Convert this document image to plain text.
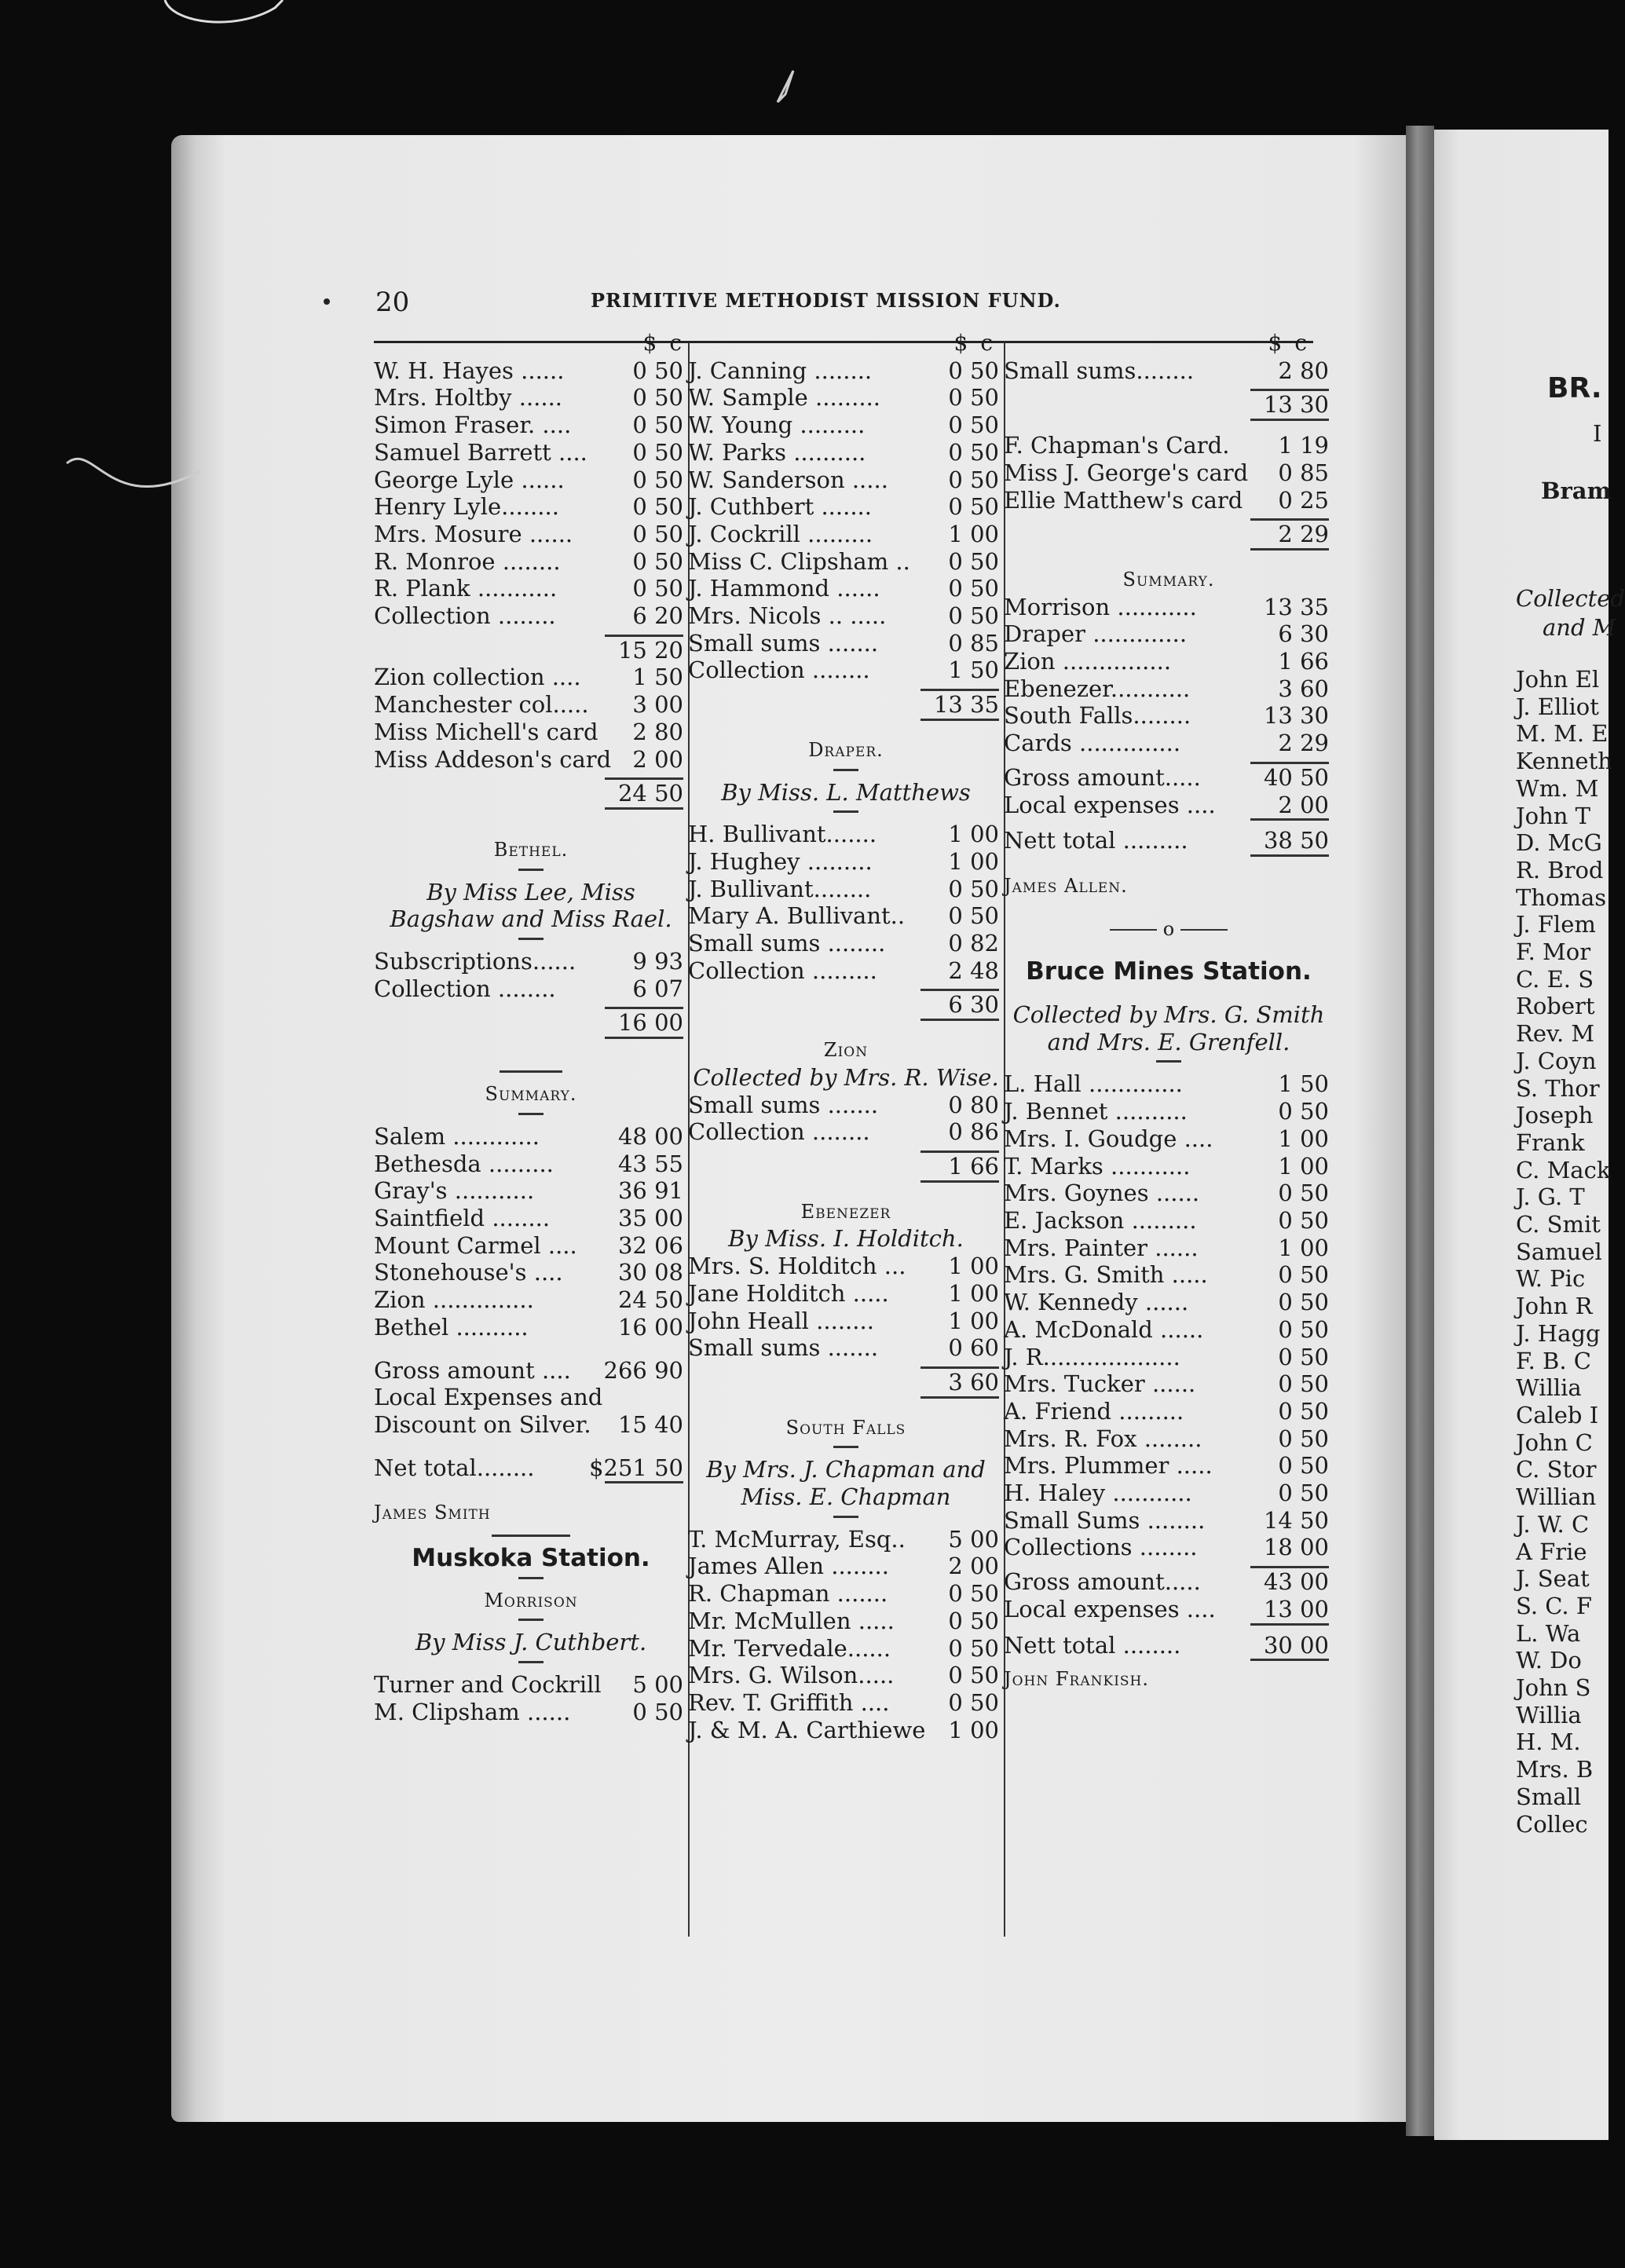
20	PRIMITIVE METHODIST MISSION FUND.
$ c
W. H. Hayes ......	0 50
Mrs. Holtby ......	0 50
Simon Fraser. ....	0 50
Samuel Barrett ....	0 50
George Lyle ......	0 50
Henry Lyle........	0 50
Mrs. Mosure ......	0 50
R. Monroe ........	0 50
R. Plank ...........	0 50
Collection ........	6 20
15 20
Zion collection ....	1 50
Manchester col.....	3 00
Miss Michell's card	2 80
Miss Addeson's card 2 00
24 50
Bethel.
By Miss Lee, Miss Bagshaw and Miss Rael.
Subscriptions......	9 93
Collection ........	6 07
16 00
Summary.
Salem ............	48 00
Bethesda .........	43 55
Gray's ...........	36 91
Saintfield ........	35 00
Mount Carmel ....	32 06
Stonehouse's ....	30 08
Zion ..............	24 50
Bethel ..........	16 00
Gross amount ....	266 90
Local Expenses and
Discount on Silver.	15 40
Net total........	$251 50
James Smith
Muskoka Station.
Morrison
By Miss J. Cuthbert.
Turner and Cockrill	5 00
M. Clipsham ......	0 50
$ c
J. Canning ........	0 50
W. Sample .........	0 50
W. Young .........	0 50
W. Parks ..........	0 50
W. Sanderson .....	0 50
J. Cuthbert .......	0 50
J. Cockrill .........	1 00
Miss C. Clipsham ..	0 50
J. Hammond ......	0 50
Mrs. Nicols .. .....	0 50
Small sums .......	0 85
Collection ........	1 50
13 35
Draper.
By Miss. L. Matthews
H. Bullivant.......	1 00
J. Hughey .........	1 00
J. Bullivant........	0 50
Mary A. Bullivant..	0 50
Small sums ........	0 82
Collection .........	2 48
6 30
Zion
Collected by Mrs. R. Wise.
Small sums .......	0 80
Collection ........	0 86
1 66
Ebenezer
By Miss. I. Holditch.
Mrs. S. Holditch ...	1 00
Jane Holditch .....	1 00
John Heall ........	1 00
Small sums .......	0 60
3 60
South Falls
By Mrs. J. Chapman and Miss. E. Chapman
T. McMurray, Esq..	5 00
James Allen ........	2 00
R. Chapman .......	0 50
Mr. McMullen .....	0 50
Mr. Tervedale......	0 50
Mrs. G. Wilson.....	0 50
Rev. T. Griffith ....	0 50
J. & M. A. Carthiewe 1 00
$ c
Small sums........	2 80
13 30
F. Chapman's Card.	1 19
Miss J. George's card	0 85
Ellie Matthew's card	0 25
2 29
Summary.
Morrison ...........	13 35
Draper .............	6 30
Zion ...............	1 66
Ebenezer...........	3 60
South Falls........	13 30
Cards ..............	2 29
Gross amount.....	40 50
Local expenses ....	2 00
Nett total .........	38 50
James Allen.
o
Bruce Mines Station.
Collected by Mrs. G. Smith and Mrs. E. Grenfell.
L. Hall .............	1 50
J. Bennet ..........	0 50
Mrs. I. Goudge ....	1 00
T. Marks ...........	1 00
Mrs. Goynes ......	0 50
E. Jackson .........	0 50
Mrs. Painter ......	1 00
Mrs. G. Smith .....	0 50
W. Kennedy ......	0 50
A. McDonald ......	0 50
J. R...................	0 50
Mrs. Tucker ......	0 50
A. Friend .........	0 50
Mrs. R. Fox ........	0 50
Mrs. Plummer .....	0 50
H. Haley ...........	0 50
Small Sums ........	14 50
Collections ........	18 00
Gross amount.....	43 00
Local expenses ....	13 00
Nett total ........	30 00
John Frankish.
BR.
I
Bram
Collected
and M
John El
J. Elliot
M. M. E
Kenneth
Wm. M
John T
D. McG
R. Brod
Thomas
J. Flem
F. Mor
C. E. S
Robert
Rev. M
J. Coyn
S. Thor
Joseph
Frank
C. Mack
J. G. T
C. Smit
Samuel
W. Pic
John R
J. Hagg
F. B. C
Willia
Caleb I
John C
C. Stor
Willian
J. W. C
A Frie
J. Seat
S. C. F
L. Wa
W. Do
John S
Willia
H. M.
Mrs. B
Small
Collec
